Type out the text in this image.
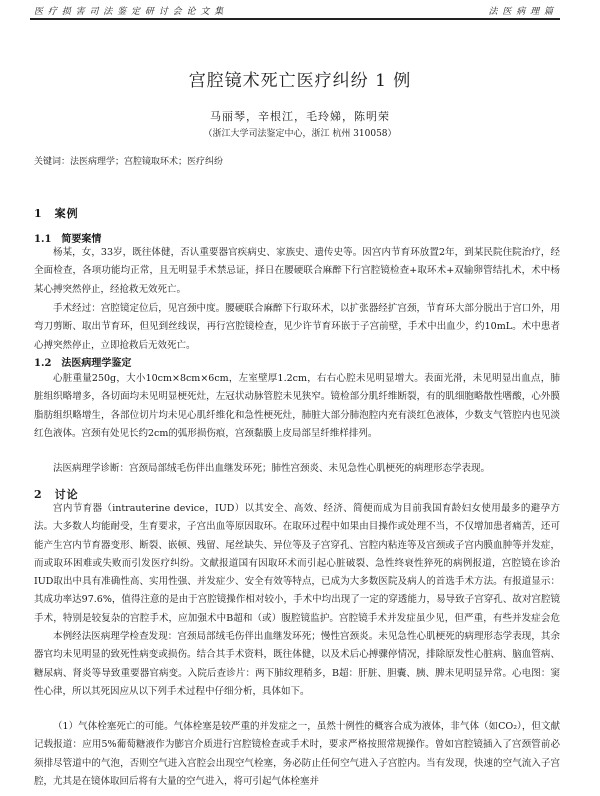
医 疗 损 害 司 法 鉴 定 研 讨 会 论 文 集	法 医 病 理 篇
宫腔镜术死亡医疗纠纷 1 例
马丽琴，辛根江，毛玲娣，陈明荣
（浙江大学司法鉴定中心，浙江 杭州 310058）
关键词：法医病理学；宫腔镜取环术；医疗纠纷
1　案例
1.1　简要案情
杨某，女，33岁，既往体健，否认重要器官疾病史、家族史、遗传史等。因宫内节育环放置2年，到某民院住院治疗，经全面检查，各项功能均正常，且无明显手术禁忌证，择日在腰硬联合麻醉下行宫腔镜检查+取环术+双输卵管结扎术，术中杨某心搏突然停止，经抢救无效死亡。
手术经过：宫腔镜定位后，见宫颈中度。腰硬联合麻醉下行取环术，以扩张器经扩宫颈，节育环大部分脱出于宫口外，用弯刀剪断、取出节育环，但见到丝线误，再行宫腔镜检查，见少许节育环嵌于子宫前壁，手术中出血少，约10mL。术中患者心搏突然停止，立即抢救后无效死亡。
1.2　法医病理学鉴定
心脏重量250g，大小10cm×8cm×6cm，左室壁厚1.2cm，右右心腔未见明显增大。表面光滑，未见明显出血点，肺脏组织略增多，各切面均未见明显梗死灶，左冠状动脉管腔未见狭窄。镜检部分肌纤维断裂，有的肌细胞略散性嗜酸，心外膜脂肪组织略增生，各部位切片均未见心肌纤维化和急性梗死灶，肺脏大部分肺泡腔内充有淡红色液体，少数支气管腔内也见淡红色液体。宫颈有处见长约2cm的弧形损伤痕，宫颈黏膜上皮局部呈纤维样排列。
法医病理学诊断：宫颈局部绒毛伤伴出血继发环死；肺性宫颈炎、未见急性心肌梗死的病理形态学表现。
2　讨论
宫内节育器（intrauterine device，IUD）以其安全、高效、经济、简便而成为目前我国育龄妇女使用最多的避孕方法。大多数人均能耐受，生育要求，子宫出血等原因取环。在取环过程中如果由目操作或处理不当，不仅增加患者痛苦，还可能产生宫内节育器变形、断裂、嵌顿、残留、尾丝缺失、异位等及子宫穿孔、宫腔内粘连等及宫颈或子宫内膜血肿等并发症，而或取环困难或失败而引发医疗纠纷。文献报道国有因取环术而引起心脏破裂、急性终衰性猝死的病例报道，宫腔镜在诊治IUD取出中具有准确性高、实用性强、并发症少、安全有效等特点，已成为大多数医院及病人的首选手术方法。有报道显示：其成功率达97.6%，值得注意的是由于宫腔镜操作相对较小，手术中均出现了一定的穿透能力，易导致子宫穿孔、故对宫腔镜手术，特别是较复杂的宫腔手术，应加强术中B超和（或）腹腔镜监护。宫腔镜手术并发症虽少见，但严重，有些并发症会危
本例经法医病理学检查发现：宫颈局部绒毛伤伴出血继发环死；慢性宫颈炎。未见急性心肌梗死的病理形态学表现，其余器官均未见明显的致死性病变或损伤。结合其手术资料，既往体健，以及术后心搏骤停情况，排除原发性心脏病、脑血管病、糖尿病、肾炎等导致重要器官病变。入院后查诊片：两下肺纹理稍多，B超：肝脏、胆囊、胰、脾未见明显异常。心电图：窦性心律，所以其死因应从以下列手术过程中仔细分析，具体如下。
（1）气体栓塞死亡的可能。气体栓塞是较严重的并发症之一，虽然十例性的概容合成为液体，非气体（如CO₂），但文献记载报道：应用5%葡萄糖液作为膨宫介质进行宫腔镜检查或手术时，要求严格按照常规操作。曾如宫腔镜插入了宫颈管前必须排尽管道中的气泡，否则空气进入宫腔会出现空气栓塞，务必防止任何空气进入子宫腔内。当有发现，快速的空气流入子宫腔，尤其是在镜体取回后将有大量的空气进入，将可引起气体栓塞并
